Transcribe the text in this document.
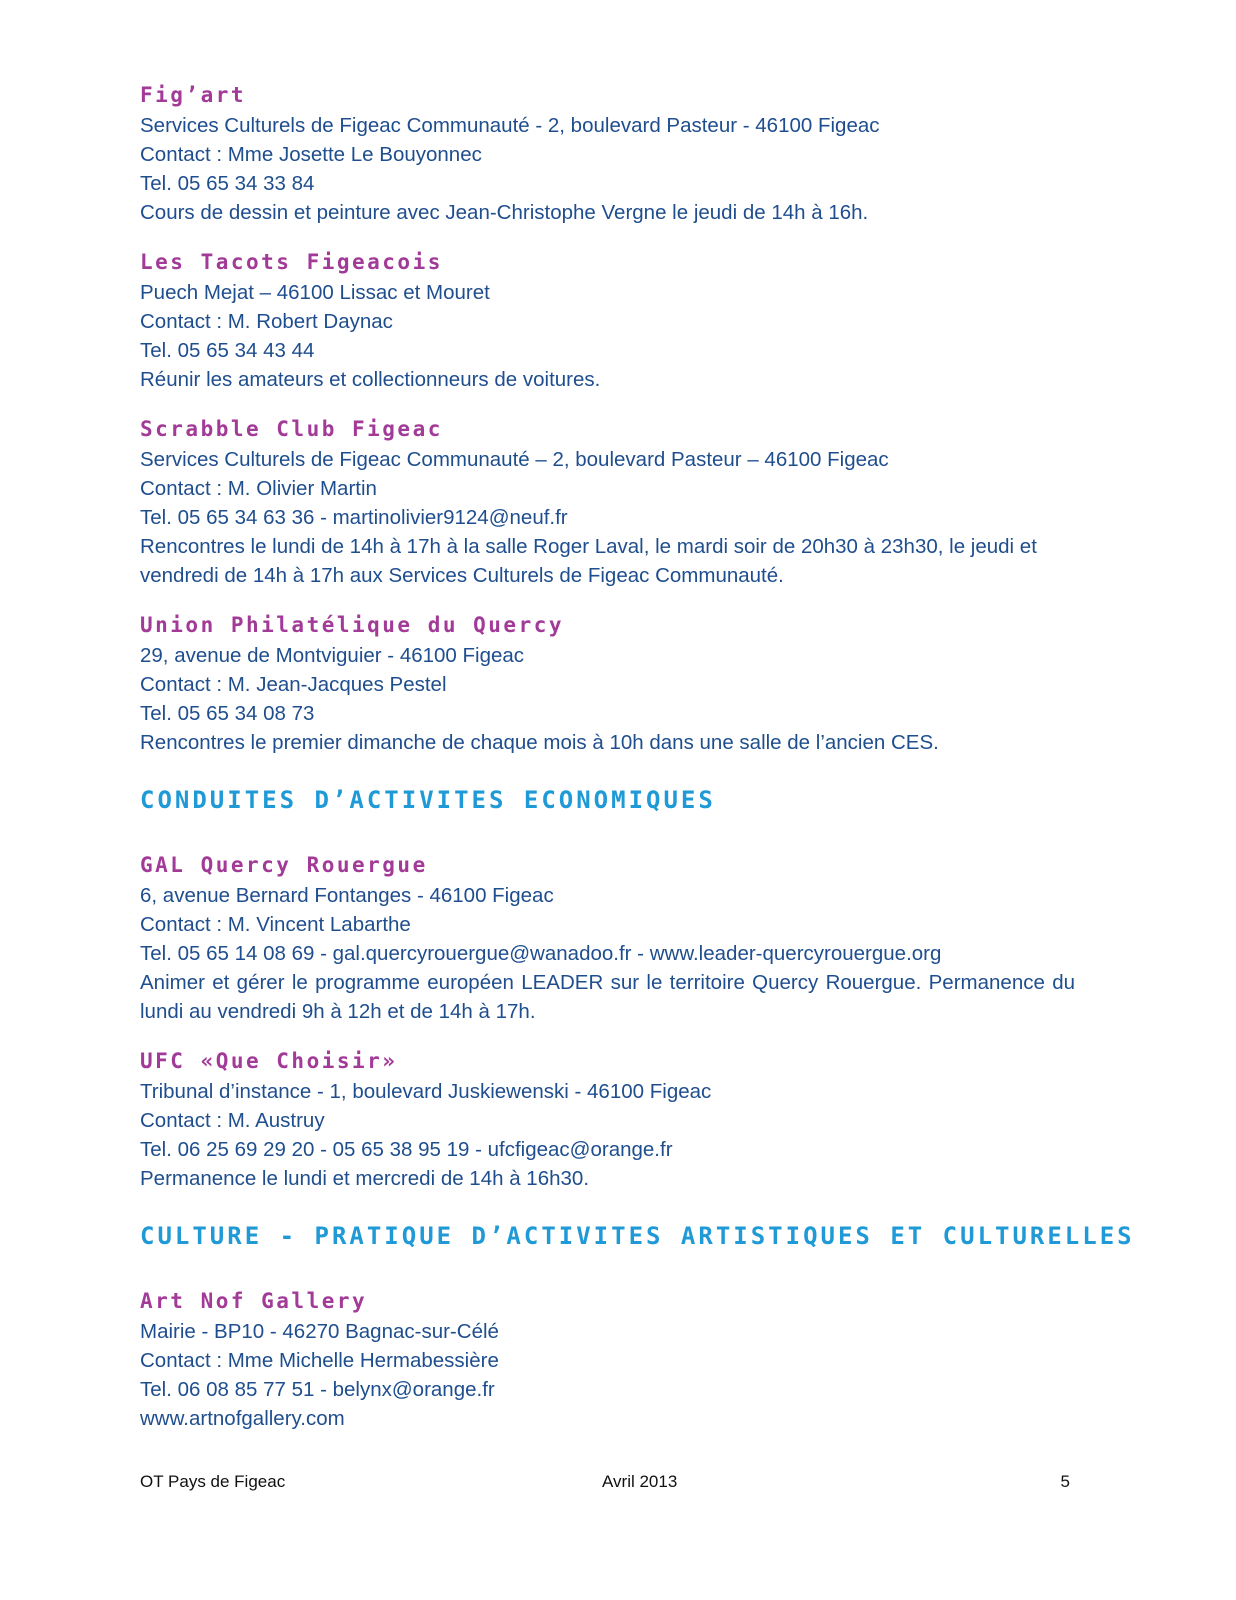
Fig’art
Services Culturels de Figeac Communauté - 2, boulevard Pasteur - 46100 Figeac
Contact : Mme Josette Le Bouyonnec
Tel. 05 65 34 33 84
Cours de dessin et peinture avec Jean-Christophe Vergne le jeudi de 14h à 16h.
Les Tacots Figeacois
Puech Mejat – 46100 Lissac et Mouret
Contact : M. Robert Daynac
Tel. 05 65 34 43 44
Réunir les amateurs et collectionneurs de voitures.
Scrabble Club Figeac
Services Culturels de Figeac Communauté – 2, boulevard Pasteur – 46100 Figeac
Contact : M. Olivier Martin
Tel. 05 65 34 63 36 - martinolivier9124@neuf.fr
Rencontres le lundi de 14h à 17h à la salle Roger Laval, le mardi soir de 20h30 à 23h30, le jeudi et vendredi de 14h à 17h aux Services Culturels de Figeac Communauté.
Union Philatélique du Quercy
29, avenue de Montviguier - 46100 Figeac
Contact : M. Jean-Jacques Pestel
Tel. 05 65 34 08 73
Rencontres le premier dimanche de chaque mois à 10h dans une salle de l’ancien CES.
CONDUITES D’ACTIVITES ECONOMIQUES
GAL Quercy Rouergue
6, avenue Bernard Fontanges - 46100 Figeac
Contact : M. Vincent Labarthe
Tel. 05 65 14 08 69 - gal.quercyrouergue@wanadoo.fr - www.leader-quercyrouergue.org
Animer et gérer le programme européen LEADER sur le territoire Quercy Rouergue. Permanence du lundi au vendredi 9h à 12h et de 14h à 17h.
UFC «Que Choisir»
Tribunal d’instance - 1, boulevard Juskiewenski - 46100 Figeac
Contact : M. Austruy
Tel. 06 25 69 29 20 - 05 65 38 95 19 - ufcfigeac@orange.fr
Permanence le lundi et mercredi de 14h à 16h30.
CULTURE - PRATIQUE D’ACTIVITES ARTISTIQUES ET CULTURELLES
Art Nof Gallery
Mairie - BP10 - 46270 Bagnac-sur-Célé
Contact : Mme Michelle Hermabessière
Tel. 06 08 85 77 51 - belynx@orange.fr
www.artnofgallery.com
OT Pays de Figeac	Avril 2013	5
